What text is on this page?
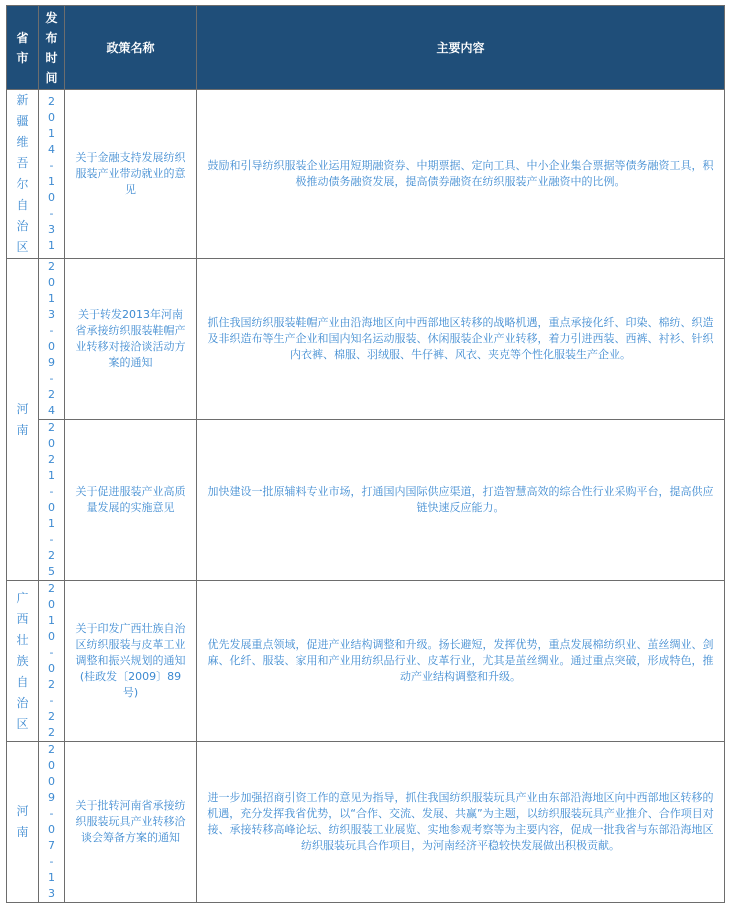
省市	发布时间	政策名称	主要内容

新疆维吾尔自治区	2014-10-31	关于金融支持发展纺织服装产业带动就业的意见	鼓励和引导纺织服装企业运用短期融资券、中期票据、定向工具、中小企业集合票据等债务融资工具，积极推动债务融资发展，提高债券融资在纺织服装产业融资中的比例。

河南	2013-09-24	关于转发2013年河南省承接纺织服装鞋帽产业转移对接洽谈活动方案的通知	抓住我国纺织服装鞋帽产业由沿海地区向中西部地区转移的战略机遇，重点承接化纤、印染、棉纺、织造及非织造布等生产企业和国内知名运动服装、休闲服装企业产业转移，着力引进西装、西裤、衬衫、针织内衣裤、棉服、羽绒服、牛仔裤、风衣、夹克等个性化服装生产企业。

	2021-01-25	关于促进服装产业高质量发展的实施意见	加快建设一批原辅料专业市场，打通国内国际供应渠道，打造智慧高效的综合性行业采购平台，提高供应链快速反应能力。

广西壮族自治区	2010-02-22	关于印发广西壮族自治区纺织服装与皮革工业调整和振兴规划的通知(桂政发〔2009〕89号)	优先发展重点领域，促进产业结构调整和升级。扬长避短，发挥优势，重点发展棉纺织业、茧丝绸业、剑麻、化纤、服装、家用和产业用纺织品行业、皮革行业，尤其是茧丝绸业。通过重点突破，形成特色，推动产业结构调整和升级。

河南	2009-07-13	关于批转河南省承接纺织服装玩具产业转移洽谈会筹备方案的通知	进一步加强招商引资工作的意见为指导，抓住我国纺织服装玩具产业由东部沿海地区向中西部地区转移的机遇，充分发挥我省优势，以“合作、交流、发展、共赢”为主题，以纺织服装玩具产业推介、合作项目对接、承接转移高峰论坛、纺织服装工业展览、实地参观考察等为主要内容，促成一批我省与东部沿海地区纺织服装玩具合作项目，为河南经济平稳较快发展做出积极贡献。
